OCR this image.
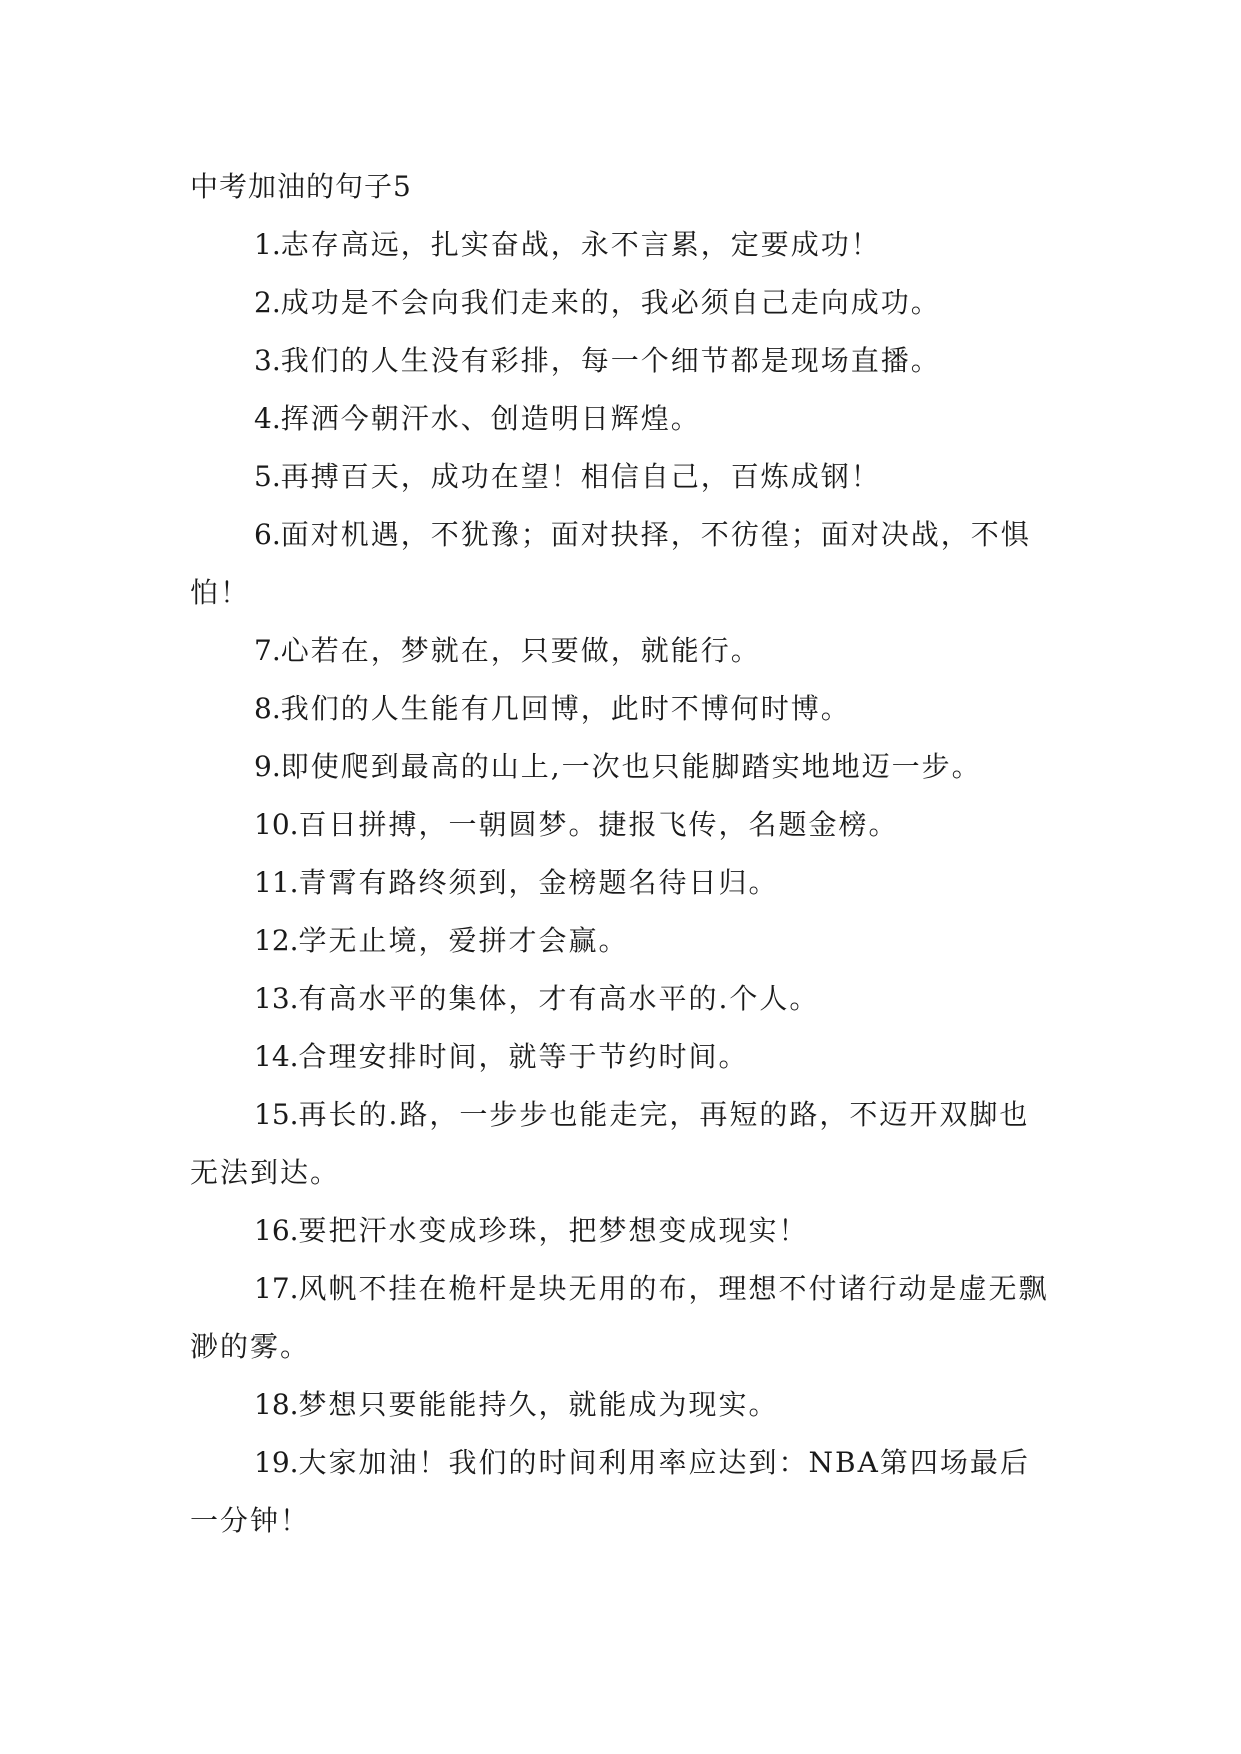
中考加油的句子5

1.志存高远，扎实奋战，永不言累，定要成功！

2.成功是不会向我们走来的，我必须自己走向成功。

3.我们的人生没有彩排，每一个细节都是现场直播。

4.挥洒今朝汗水、创造明日辉煌。

5.再搏百天，成功在望！相信自己，百炼成钢！

6.面对机遇，不犹豫；面对抉择，不彷徨；面对决战，不惧怕！

7.心若在，梦就在，只要做，就能行。

8.我们的人生能有几回博，此时不博何时博。

9.即使爬到最高的山上,一次也只能脚踏实地地迈一步。

10.百日拼搏，一朝圆梦。捷报飞传，名题金榜。

11.青霄有路终须到，金榜题名待日归。

12.学无止境，爱拼才会赢。

13.有高水平的集体，才有高水平的.个人。

14.合理安排时间，就等于节约时间。

15.再长的.路，一步步也能走完，再短的路，不迈开双脚也无法到达。

16.要把汗水变成珍珠，把梦想变成现实！

17.风帆不挂在桅杆是块无用的布，理想不付诸行动是虚无飘渺的雾。

18.梦想只要能能持久，就能成为现实。

19.大家加油！我们的时间利用率应达到：NBA第四场最后一分钟！
